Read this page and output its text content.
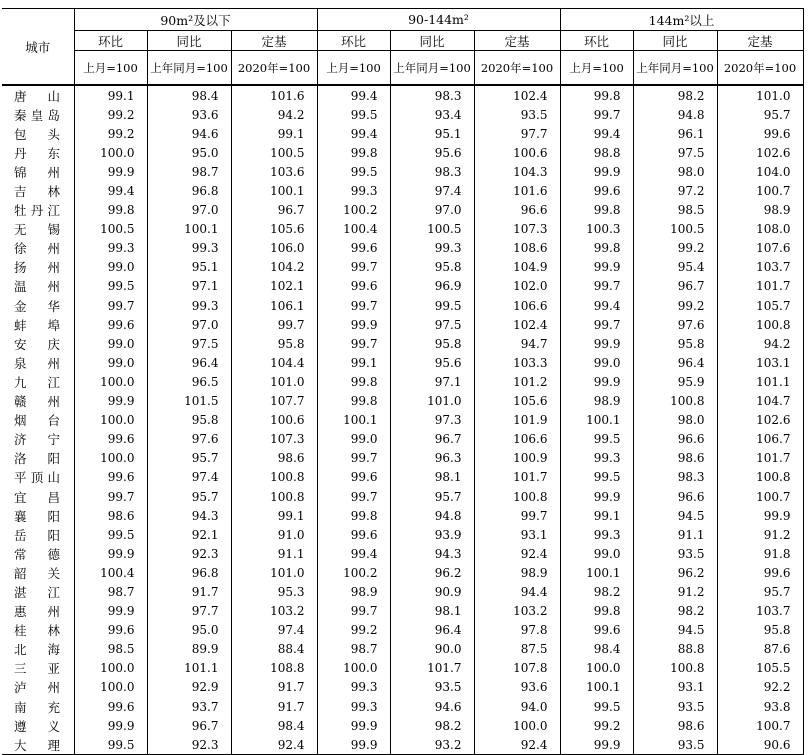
城市	90m²及以下			90-144m²			144m²以上		
	环比	同比	定基	环比	同比	定基	环比	同比	定基
	上月=100	上年同月=100	2020年=100	上月=100	上年同月=100	2020年=100	上月=100	上年同月=100	2020年=100

唐山	99.1	98.4	101.6	99.4	98.3	102.4	99.8	98.2	101.0

秦皇岛	99.2	93.6	94.2	99.5	93.4	93.5	99.7	94.8	95.7

包头	99.2	94.6	99.1	99.4	95.1	97.7	99.4	96.1	99.6

丹东	100.0	95.0	100.5	99.8	95.6	100.6	98.8	97.5	102.6

锦州	99.9	98.7	103.6	99.5	98.3	104.3	99.9	98.0	104.0

吉林	99.4	96.8	100.1	99.3	97.4	101.6	99.6	97.2	100.7

牡丹江	99.8	97.0	96.7	100.2	97.0	96.6	99.8	98.5	98.9

无锡	100.5	100.1	105.6	100.4	100.5	107.3	100.3	100.5	108.0

徐州	99.3	99.3	106.0	99.6	99.3	108.6	99.8	99.2	107.6

扬州	99.0	95.1	104.2	99.7	95.8	104.9	99.9	95.4	103.7

温州	99.5	97.1	102.1	99.6	96.9	102.0	99.7	96.7	101.7

金华	99.7	99.3	106.1	99.7	99.5	106.6	99.4	99.2	105.7

蚌埠	99.6	97.0	99.7	99.9	97.5	102.4	99.7	97.6	100.8

安庆	99.0	97.5	95.8	99.7	95.8	94.7	99.9	95.8	94.2

泉州	99.0	96.4	104.4	99.1	95.6	103.3	99.0	96.4	103.1

九江	100.0	96.5	101.0	99.8	97.1	101.2	99.9	95.9	101.1

赣州	99.9	101.5	107.7	99.8	101.0	105.6	98.9	100.8	104.7

烟台	100.0	95.8	100.6	100.1	97.3	101.9	100.1	98.0	102.6

济宁	99.6	97.6	107.3	99.0	96.7	106.6	99.5	96.6	106.7

洛阳	100.0	95.7	98.6	99.7	96.3	100.9	99.3	98.6	101.7

平顶山	99.6	97.4	100.8	99.6	98.1	101.7	99.5	98.3	100.8

宜昌	99.7	95.7	100.8	99.7	95.7	100.8	99.9	96.6	100.7

襄阳	98.6	94.3	99.1	99.8	94.8	99.7	99.1	94.5	99.9

岳阳	99.5	92.1	91.0	99.6	93.9	93.1	99.3	91.1	91.2

常德	99.9	92.3	91.1	99.4	94.3	92.4	99.0	93.5	91.8

韶关	100.4	96.8	101.0	100.2	96.2	98.9	100.1	96.2	99.6

湛江	98.7	91.7	95.3	98.9	90.9	94.4	98.2	91.2	95.7

惠州	99.9	97.7	103.2	99.7	98.1	103.2	99.8	98.2	103.7

桂林	99.6	95.0	97.4	99.2	96.4	97.8	99.6	94.5	95.8

北海	98.5	89.9	88.4	98.7	90.0	87.5	98.4	88.8	87.6

三亚	100.0	101.1	108.8	100.0	101.7	107.8	100.0	100.8	105.5

泸州	100.0	92.9	91.7	99.3	93.5	93.6	100.1	93.1	92.2

南充	99.6	93.7	91.7	99.3	94.6	94.0	99.5	93.5	93.8

遵义	99.9	96.7	98.4	99.9	98.2	100.0	99.2	98.6	100.7

大理	99.5	92.3	92.4	99.9	93.2	92.4	99.9	93.5	90.6
